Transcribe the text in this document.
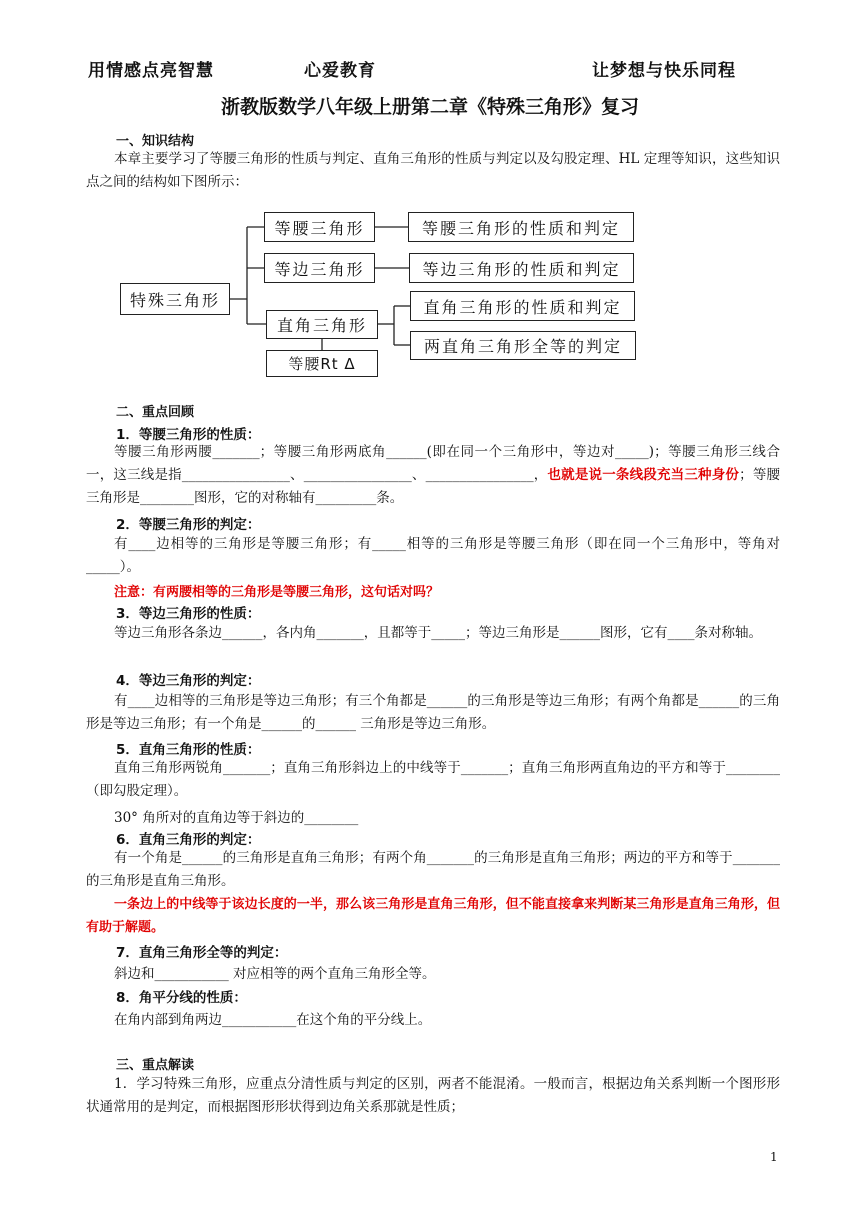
用情感点亮智慧	心爱教育	让梦想与快乐同程
浙教版数学八年级上册第二章《特殊三角形》复习
一、知识结构

本章主要学习了等腰三角形的性质与判定、直角三角形的性质与判定以及勾股定理、HL 定理等知识，这些知识点之间的结构如下图所示：

特殊三角形
等腰三角形	等腰三角形的性质和判定
等边三角形	等边三角形的性质和判定
直角三角形
直角三角形的性质和判定
两直角三角形全等的判定
等腰Rt Δ
二、重点回顾
1．等腰三角形的性质：

等腰三角形两腰_______；等腰三角形两底角______(即在同一个三角形中，等边对_____)；等腰三角形三线合一，这三线是指________________、________________、________________，也就是说一条线段充当三种身份；等腰三角形是________图形，它的对称轴有_________条。

2．等腰三角形的判定：

有____边相等的三角形是等腰三角形；有_____相等的三角形是等腰三角形（即在同一个三角形中，等角对_____）。

注意：有两腰相等的三角形是等腰三角形，这句话对吗？
3．等边三角形的性质：

等边三角形各条边______，各内角_______，且都等于_____；等边三角形是______图形，它有____条对称轴。

4．等边三角形的判定：

有____边相等的三角形是等边三角形；有三个角都是______的三角形是等边三角形；有两个角都是______的三角形是等边三角形；有一个角是______的______ 三角形是等边三角形。

5．直角三角形的性质：

直角三角形两锐角_______；直角三角形斜边上的中线等于_______；直角三角形两直角边的平方和等于________（即勾股定理）。

30° 角所对的直角边等于斜边的________
6．直角三角形的判定：

有一个角是______的三角形是直角三角形；有两个角_______的三角形是直角三角形；两边的平方和等于_______的三角形是直角三角形。

一条边上的中线等于该边长度的一半，那么该三角形是直角三角形，但不能直接拿来判断某三角形是直角三角形，但有助于解题。

7．直角三角形全等的判定：
斜边和___________ 对应相等的两个直角三角形全等。
8．角平分线的性质：
在角内部到角两边___________在这个角的平分线上。
三、重点解读

1．学习特殊三角形，应重点分清性质与判定的区别，两者不能混淆。一般而言，根据边角关系判断一个图形形状通常用的是判定，而根据图形形状得到边角关系那就是性质；

1
